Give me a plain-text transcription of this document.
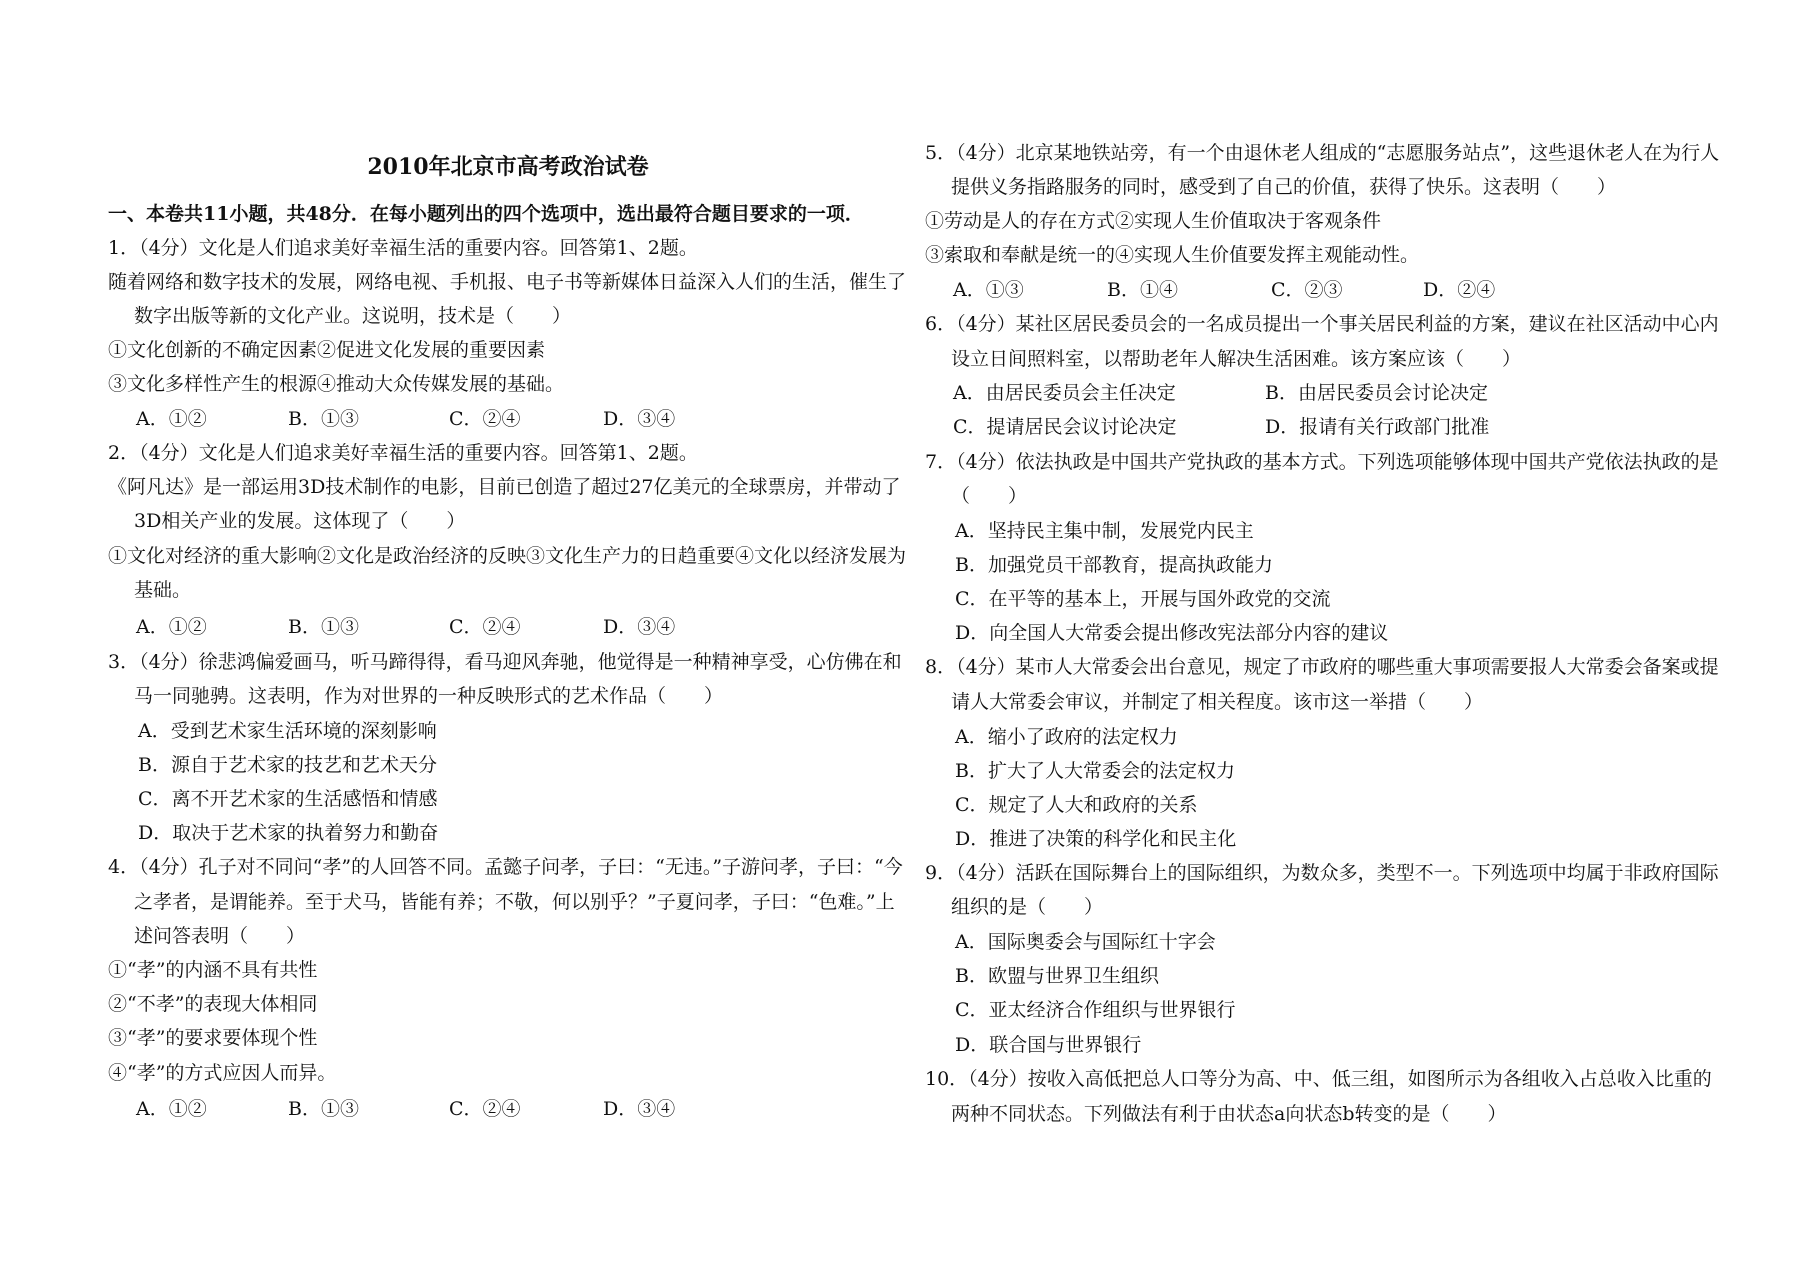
2010年北京市高考政治试卷
一、本卷共11小题，共48分．在每小题列出的四个选项中，选出最符合题目要求的一项．
1．（4分）文化是人们追求美好幸福生活的重要内容。回答第1、2题。
随着网络和数字技术的发展，网络电视、手机报、电子书等新媒体日益深入人们的生活，催生了
数字出版等新的文化产业。这说明，技术是（　　）
①文化创新的不确定因素②促进文化发展的重要因素
③文化多样性产生的根源④推动大众传媒发展的基础。
A．①②	B．①③	C．②④	D．③④
2．（4分）文化是人们追求美好幸福生活的重要内容。回答第1、2题。
《阿凡达》是一部运用3D技术制作的电影，目前已创造了超过27亿美元的全球票房，并带动了
3D相关产业的发展。这体现了（　　）
①文化对经济的重大影响②文化是政治经济的反映③文化生产力的日趋重要④文化以经济发展为
基础。
A．①②	B．①③	C．②④	D．③④
3．（4分）徐悲鸿偏爱画马，听马蹄得得，看马迎风奔驰，他觉得是一种精神享受，心仿佛在和
马一同驰骋。这表明，作为对世界的一种反映形式的艺术作品（　　）
A．受到艺术家生活环境的深刻影响
B．源自于艺术家的技艺和艺术天分
C．离不开艺术家的生活感悟和情感
D．取决于艺术家的执着努力和勤奋
4．（4分）孔子对不同问“孝”的人回答不同。孟懿子问孝，子曰：“无违。”子游问孝，子曰：“今
之孝者，是谓能养。至于犬马，皆能有养；不敬，何以别乎？”子夏问孝，子曰：“色难。”上
述问答表明（　　）
①“孝”的内涵不具有共性
②“不孝”的表现大体相同
③“孝”的要求要体现个性
④“孝”的方式应因人而异。
A．①②	B．①③	C．②④	D．③④
5．（4分）北京某地铁站旁，有一个由退休老人组成的“志愿服务站点”，这些退休老人在为行人
提供义务指路服务的同时，感受到了自己的价值，获得了快乐。这表明（　　）
①劳动是人的存在方式②实现人生价值取决于客观条件
③索取和奉献是统一的④实现人生价值要发挥主观能动性。
A．①③	B．①④	C．②③	D．②④
6．（4分）某社区居民委员会的一名成员提出一个事关居民利益的方案，建议在社区活动中心内
设立日间照料室，以帮助老年人解决生活困难。该方案应该（　　）
A．由居民委员会主任决定	B．由居民委员会讨论决定
C．提请居民会议讨论决定	D．报请有关行政部门批准
7．（4分）依法执政是中国共产党执政的基本方式。下列选项能够体现中国共产党依法执政的是
（　　）
A．坚持民主集中制，发展党内民主
B．加强党员干部教育，提高执政能力
C．在平等的基本上，开展与国外政党的交流
D．向全国人大常委会提出修改宪法部分内容的建议
8．（4分）某市人大常委会出台意见，规定了市政府的哪些重大事项需要报人大常委会备案或提
请人大常委会审议，并制定了相关程度。该市这一举措（　　）
A．缩小了政府的法定权力
B．扩大了人大常委会的法定权力
C．规定了人大和政府的关系
D．推进了决策的科学化和民主化
9．（4分）活跃在国际舞台上的国际组织，为数众多，类型不一。下列选项中均属于非政府国际
组织的是（　　）
A．国际奥委会与国际红十字会
B．欧盟与世界卫生组织
C．亚太经济合作组织与世界银行
D．联合国与世界银行
10．（4分）按收入高低把总人口等分为高、中、低三组，如图所示为各组收入占总收入比重的
两种不同状态。下列做法有利于由状态a向状态b转变的是（　　）
